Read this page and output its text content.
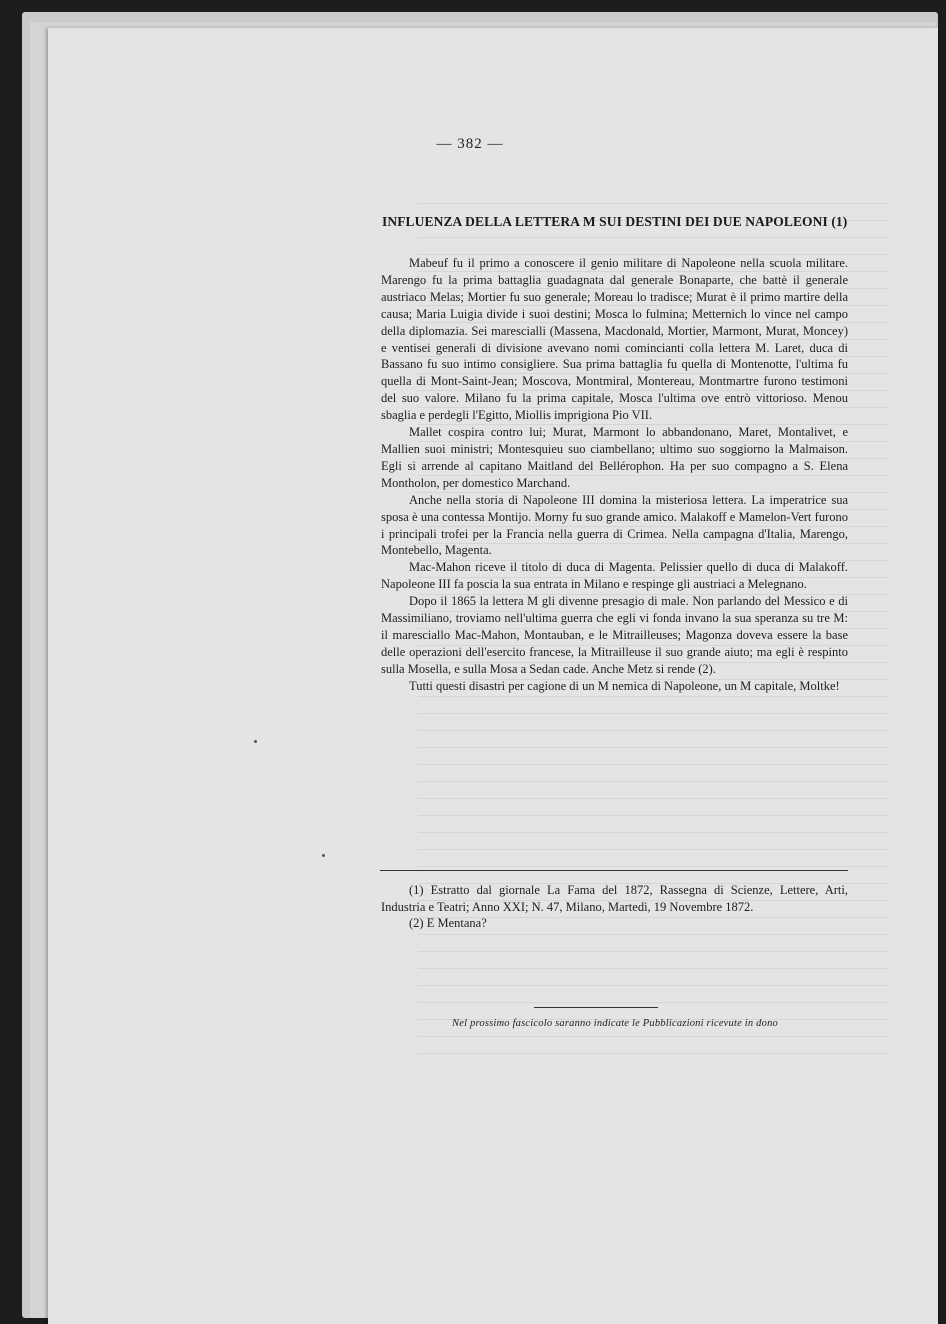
— 382 —
INFLUENZA DELLA LETTERA M SUI DESTINI DEI DUE NAPOLEONI (1)

Mabeuf fu il primo a conoscere il genio militare di Napoleone nella scuola militare. Marengo fu la prima battaglia guadagnata dal generale Bonaparte, che battè il generale austriaco Melas; Mortier fu suo generale; Moreau lo tradisce; Murat è il primo martire della causa; Maria Luigia divide i suoi destini; Mosca lo fulmina; Metternich lo vince nel campo della diplomazia. Sei marescialli (Massena, Macdonald, Mortier, Marmont, Murat, Moncey) e ventisei generali di divisione avevano nomi comincianti colla lettera M. Laret, duca di Bassano fu suo intimo consigliere. Sua prima battaglia fu quella di Montenotte, l'ultima fu quella di Mont-Saint-Jean; Moscova, Montmiral, Montereau, Montmartre furono testimoni del suo valore. Milano fu la prima capitale, Mosca l'ultima ove entrò vittorioso. Menou sbaglia e perdegli l'Egitto, Miollis imprigiona Pio VII.

Mallet cospira contro lui; Murat, Marmont lo abbandonano, Maret, Montalivet, e Mallien suoi ministri; Montesquieu suo ciambellano; ultimo suo soggiorno la Malmaison. Egli si arrende al capitano Maitland del Bellérophon. Ha per suo compagno a S. Elena Montholon, per domestico Marchand.

Anche nella storia di Napoleone III domina la misteriosa lettera. La imperatrice sua sposa è una contessa Montijo. Morny fu suo grande amico. Malakoff e Mamelon-Vert furono i principali trofei per la Francia nella guerra di Crimea. Nella campagna d'Italia, Marengo, Montebello, Magenta.

Mac-Mahon riceve il titolo di duca di Magenta. Pelissier quello di duca di Malakoff. Napoleone III fa poscia la sua entrata in Milano e respinge gli austriaci a Melegnano.

Dopo il 1865 la lettera M gli divenne presagio di male. Non parlando del Messico e di Massimiliano, troviamo nell'ultima guerra che egli vi fonda invano la sua speranza su tre M: il maresciallo Mac-Mahon, Montauban, e le Mitrailleuses; Magonza doveva essere la base delle operazioni dell'esercito francese, la Mitrailleuse il suo grande aiuto; ma egli è respinto sulla Mosella, e sulla Mosa a Sedan cade. Anche Metz si rende (2).

Tutti questi disastri per cagione di un M nemica di Napoleone, un M capitale, Moltke!

(1) Estratto dal giornale La Fama del 1872, Rassegna di Scienze, Lettere, Arti, Industria e Teatri; Anno XXI; N. 47, Milano, Martedì, 19 Novembre 1872.

(2) E Mentana?

Nel prossimo fascicolo saranno indicate le Pubblicazioni ricevute in dono
